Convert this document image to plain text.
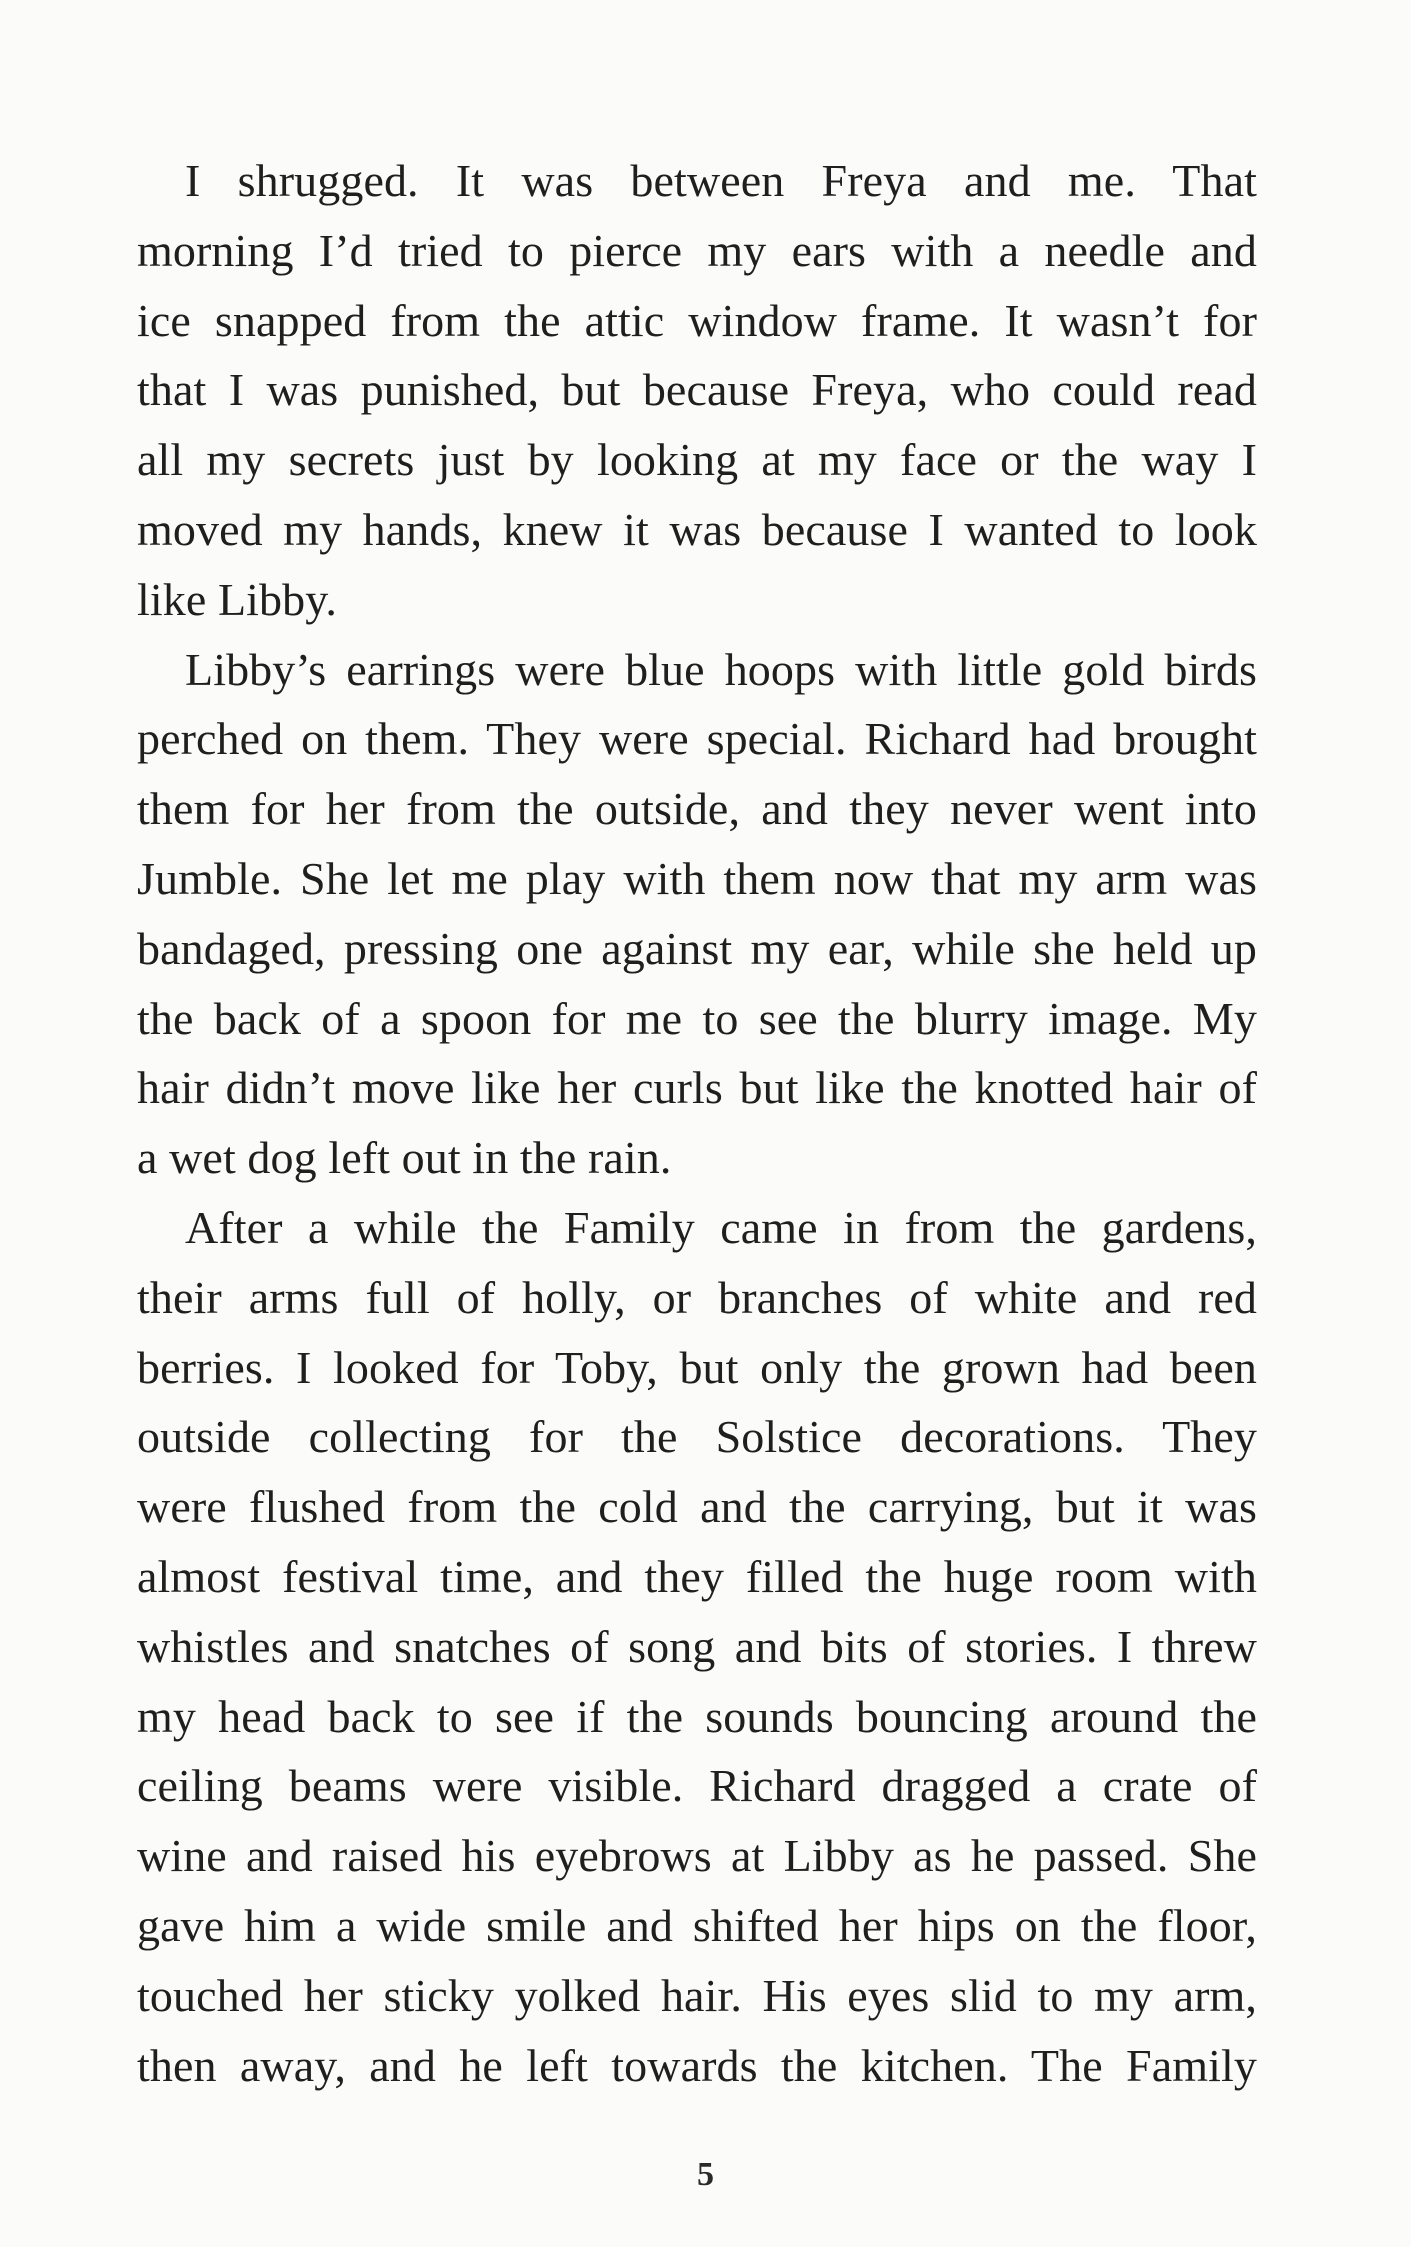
I shrugged. It was between Freya and me. That
morning I’d tried to pierce my ears with a needle and
ice snapped from the attic window frame. It wasn’t for
that I was punished, but because Freya, who could read
all my secrets just by looking at my face or the way I
moved my hands, knew it was because I wanted to look
like Libby.
Libby’s earrings were blue hoops with little gold birds
perched on them. They were special. Richard had brought
them for her from the outside, and they never went into
Jumble. She let me play with them now that my arm was
bandaged, pressing one against my ear, while she held up
the back of a spoon for me to see the blurry image. My
hair didn’t move like her curls but like the knotted hair of
a wet dog left out in the rain.
After a while the Family came in from the gardens,
their arms full of holly, or branches of white and red
berries. I looked for Toby, but only the grown had been
outside collecting for the Solstice decorations. They
were flushed from the cold and the carrying, but it was
almost festival time, and they filled the huge room with
whistles and snatches of song and bits of stories. I threw
my head back to see if the sounds bouncing around the
ceiling beams were visible. Richard dragged a crate of
wine and raised his eyebrows at Libby as he passed. She
gave him a wide smile and shifted her hips on the floor,
touched her sticky yolked hair. His eyes slid to my arm,
then away, and he left towards the kitchen. The Family
5
